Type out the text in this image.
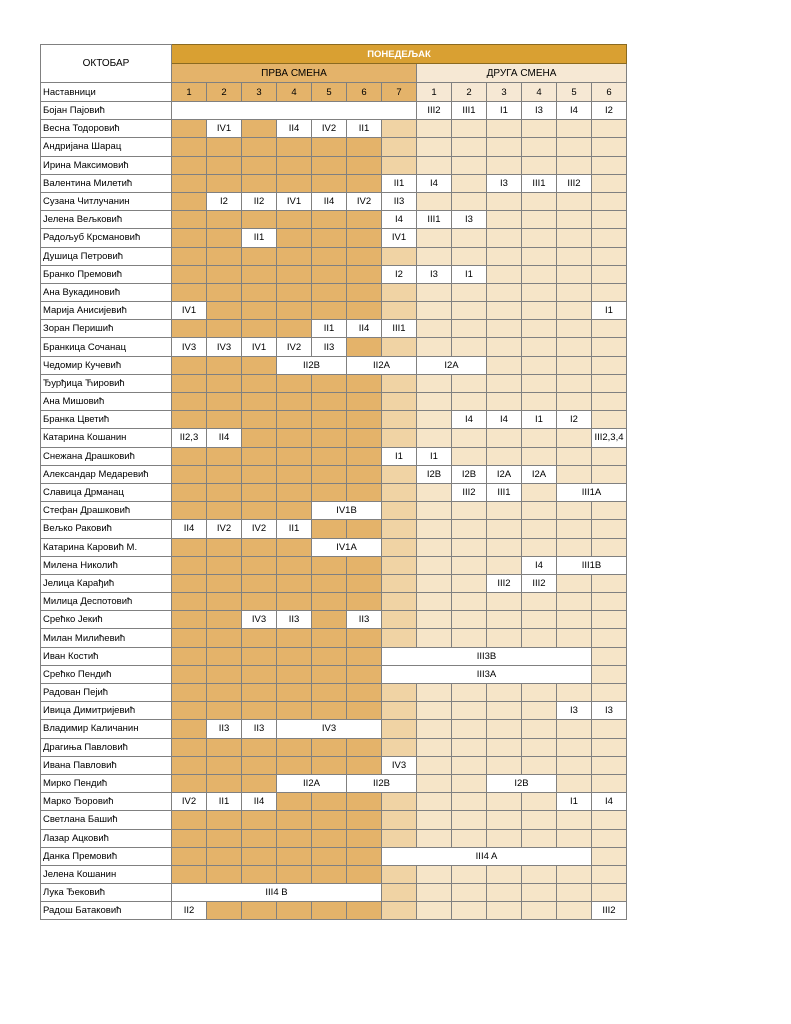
ОКТОБАР	ПОНЕДЕЉАК												
	ПРВА СМЕНА							ДРУГА СМЕНА					
Наставници	1	2	3	4	5	6	7	1	2	3	4	5	6
Бојан Пајовић								III2	III1	I1	I3	I4	I2
Весна Тодоровић		IV1		II4	IV2	II1							
Андријана Шарац													
Ирина Максимовић													
Валентина Милетић							II1	I4		I3	III1	III2	
Сузана Читлучанин		I2	II2	IV1	II4	IV2	II3						
Јелена Вељковић							I4	III1	I3				
Радољуб Крсмановић			II1				IV1						
Душица Петровић													
Бранко Премовић							I2	I3	I1				
Ана Вукадиновић													
Марија Анисијевић	IV1												I1
Зоран Перишић					II1	II4	III1						
Бранкица Сочанац	IV3	IV3	IV1	IV2	II3								
Чедомир Кучевић				II2B		II2A		I2A					
Ђурђица Ћировић													
Ана Мишовић													
Бранка Цветић									I4	I4	I1	I2	
Катарина Кошанин	II2,3	II4											III2,3,4
Снежана Драшковић							I1	I1					
Александар Медаревић								I2B	I2B	I2A	I2A		
Славица Дрманац									III2	III1		III1A	
Стефан Драшковић					IV1B								
Вељко Раковић	II4	IV2	IV2	II1									
Катарина Каровић М.					IV1A								
Милена Николић											I4	III1B	
Јелица Карађић										III2	III2		
Милица Деспотовић													
Срећко Јекић			IV3	II3		II3							
Милан Милићевић													
Иван Костић							III3B						
Срећко Пендић							III3A						
Радован Пејић													
Ивица Димитријевић												I3	I3
Владимир Каличанин		II3	II3	IV3									
Драгиња Павловић													
Ивана Павловић							IV3						
Мирко Пендић				II2A		II2B				I2B			
Марко Ђоровић	IV2	II1	II4									I1	I4
Светлана Башић													
Лазар Ацковић													
Данка Премовић							III4 A						
Јелена Кошанин													
Лука Ђековић	III4 B												
Радош Батаковић	II2												III2
